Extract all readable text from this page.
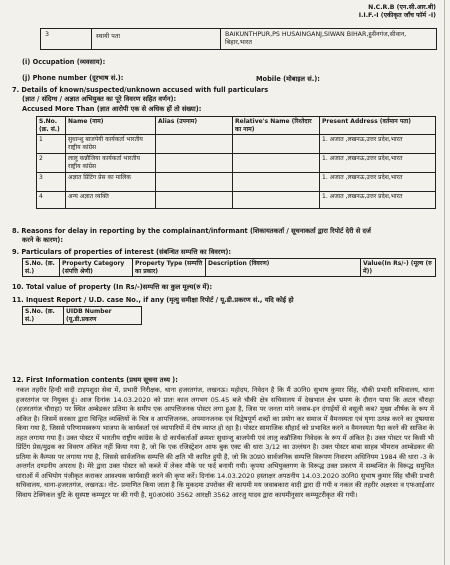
N.C.R.B (एन.सी.आर.बी)
I.I.F.-I (एकीकृत जाँच फॉर्म -I)
3	स्थायी पता	BAIKUNTHPUR,PS HUSAINGANJ,SIWAN BIHAR,हुसैनगंज,सीवान,
बिहार,भारत
(i) Occupation (व्यवसाय):
(j) Phone number (दूरभाष सं.):	Mobile (मोबाइल सं.):
7. Details of known/suspected/unknown accused with full particulars
(ज्ञात / संदिग्ध / अज्ञात अभियुक्त का पूरे विवरण सहित वर्णन):
Accused More Than (ज्ञात आरोपी एक से अधिक हों तो संख्या):
S.No.(क्र. सं.)	Name (नाम)	Alias (उपनाम)	Relative's Name (रिश्तेदार का नाम)	Present Address (वर्तमान पता)
1	सुधान्शु बाजपेयी कार्यकर्ता भारतीय राष्ट्रीय कांग्रेस			1. अजात ,लखनऊ,उत्तर प्रदेश,भारत
2	लालु कन्नौजिया कार्यकर्ता भारतीय राष्ट्रीय कांग्रेस			1. अजात ,लखनऊ,उत्तर प्रदेश,भारत
3	अज्ञात प्रिंटिंग प्रेस का मालिक			1. अजात ,लखनऊ,उत्तर प्रदेश,भारत
4	अन्य अज्ञात व्यक्ति			1. अजात ,लखनऊ,उत्तर प्रदेश,भारत
8. Reasons for delay in reporting by the complainant/informant (शिकायतकर्ता / सूचनाकर्ता द्वारा रिपोर्ट देरी से दर्ज
करने के कारण):
9. Particulars of properties of interest (संबन्धित सम्पत्ति का विवरण):
S.No. (क्र. सं.)	Property Category (संपत्ति श्रेणी)	Property Type (सम्पत्ति का प्रकार)	Description (विवरण)	Value(In Rs/-) (मूल्य (रु में))
10. Total value of property (In Rs/-)सम्पत्ति का कुल मूल्य(रु में):
11. Inquest Report / U.D. case No., if any (मृत्यु समीक्षा रिपोर्ट / यू.डी.प्रकरण सं., यदि कोई हो
S.No. (क्र. सं.)	UIDB Number (यू.डी.प्रकरण
12. First Information contents (प्रथम सूचना तथ्य ):

नकल तहरीर हिन्दी वादी टाइपशुदा सेवा में, प्रभारी निरीक्षक, थाना हजरतगंज, लखनऊ। महोदय, निवेदन है कि मैं उ0नि0 सुभाष कुमार सिंह, चौकी प्रभारी सचिवालय, थाना हजरतगंज पर नियुक्त हूं। आज दिनांक 14.03.2020 को प्रातः काल लगभग 05.45 बजे चौकी क्षेत्र सचिवालय में देखभाल क्षेत्र भ्रमण के दौरान पाया कि अटल चौराहा (हजरतगंज चौराहा) पर स्थित अम्बेडकर प्रतिमा के समीप एक आपत्तिजनक पोस्टर लगा हुआ है, जिस पर जनता मांगे जवाब-इन दंगाईयों से वसूली कब? मुख्य शीर्षक के रूप में अंकित है। जिसमें सरकार द्वारा चिन्हित व्यक्तियों के चित्र व आपत्तिजनक, अपमानजनक एवं विद्वेषपूर्ण शब्दों का प्रयोग कर समाज में वैमनस्यता एवं घृणा उत्पन्न करने का दुष्प्रयास किया गया है, जिससे परिणामस्वरूप भाजपा के कार्यकर्ता एवं व्यापारियों में रोष व्याप्त हो रहा है। पोस्टर सामाजिक सौहार्द को प्रभावित करने व वैमनस्यता पैदा करने की साजिश के तहत लगाया गया है। उक्त पोस्टर में भारतीय राष्ट्रीय कांग्रेस के दो कार्यकर्ताओं क्रमशः सुधान्शु बाजपेयी एवं लालु कन्नौजिया निवेदक के रूप में अंकित है। उक्त पोस्टर पर किसी भी प्रिंटिंग प्रेस/मुद्रक का विवरण अंकित नहीं किया गया है, जो कि एक रजिस्ट्रेशन आफ बुक एक्ट की धारा 3/12 का उल्लंघन है। उक्त पोस्टर बाबा साहब भीमराव आम्बेडकर की प्रतिमा के कैम्पस पर लगाया गया है, जिससे सार्वजनिक सम्पत्ति की क्षति भी कारित हुयी है, जो कि उ0प्र0 सार्वजनिक सम्पत्ति विरूपण निवारण अधिनियम 1984 की धारा -3 के अन्तर्गत दण्डनीय अपराध है। मेरे द्वारा उक्त पोस्टर को कब्जे में लेकर मौके पर फर्द बनायी गयी। कृपया अभियुक्तगण के विरूद्ध उक्त प्रकरण में सम्बन्धित के विरूद्ध समुचित धाराओं में अभियोग पंजीकृत कराकर आवश्यक कार्यवाही करने की कृपा करें। दिनांक 14.03.2020 हस्ताक्षर अपठनीय 14.03.2020 उ0नि0 सुभाष कुमार सिंह चौकी प्रभारी सचिवालय, थाना-हजरतगंज, लखनऊ। नोट- प्रमाणित किया जाता है कि मुकदमा उपरोक्त की कायमी मय जवाबकारा वादी द्वारा दी गयी व नकल की तहरीर अक्षरशः व एफआईआर सिवाय टेक्निकल त्रुटि के सुस्पष्ट कम्प्यूटर पर की गयी है, मु0अ0सं0 3562 आरक्षी 3562 आरजु यादव द्वारा कायमीनुसार कम्प्यूटरीकृत की गयी।
